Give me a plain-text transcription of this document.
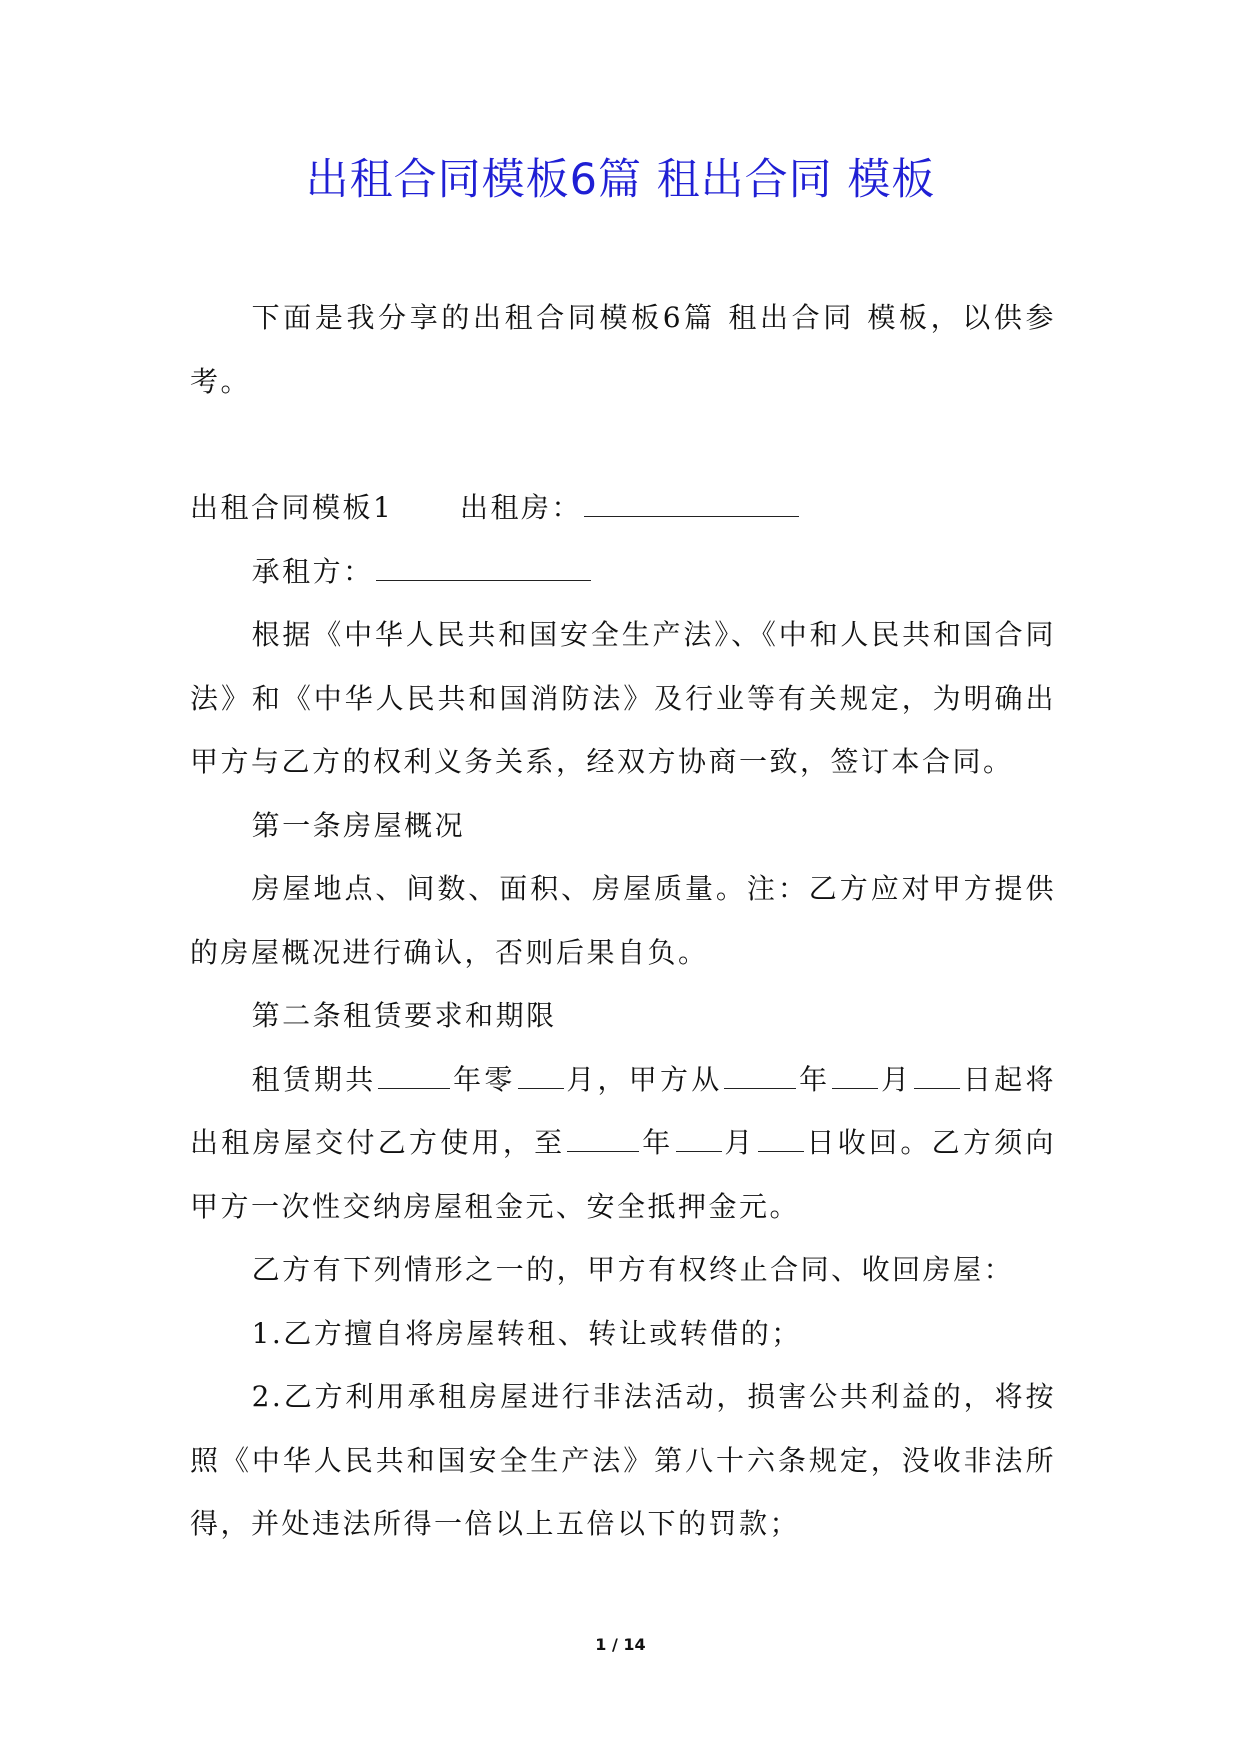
出租合同模板6篇 租出合同 模板

下面是我分享的出租合同模板6篇 租出合同 模板，以供参考。

出租合同模板1 出租房：

承租方：

根据《中华人民共和国安全生产法》、《中和人民共和国合同法》和《中华人民共和国消防法》及行业等有关规定，为明确出甲方与乙方的权利义务关系，经双方协商一致，签订本合同。

第一条房屋概况

房屋地点、间数、面积、房屋质量。注：乙方应对甲方提供的房屋概况进行确认，否则后果自负。

第二条租赁要求和期限

租赁期共	年零 月，甲方从	年 月 日起将出租房屋交付乙方使用，至	年 月 日收回。乙方须向甲方一次性交纳房屋租金元、安全抵押金元。

乙方有下列情形之一的，甲方有权终止合同、收回房屋：

1.乙方擅自将房屋转租、转让或转借的；

2.乙方利用承租房屋进行非法活动，损害公共利益的，将按照《中华人民共和国安全生产法》第八十六条规定，没收非法所得，并处违法所得一倍以上五倍以下的罚款；

1 / 14
